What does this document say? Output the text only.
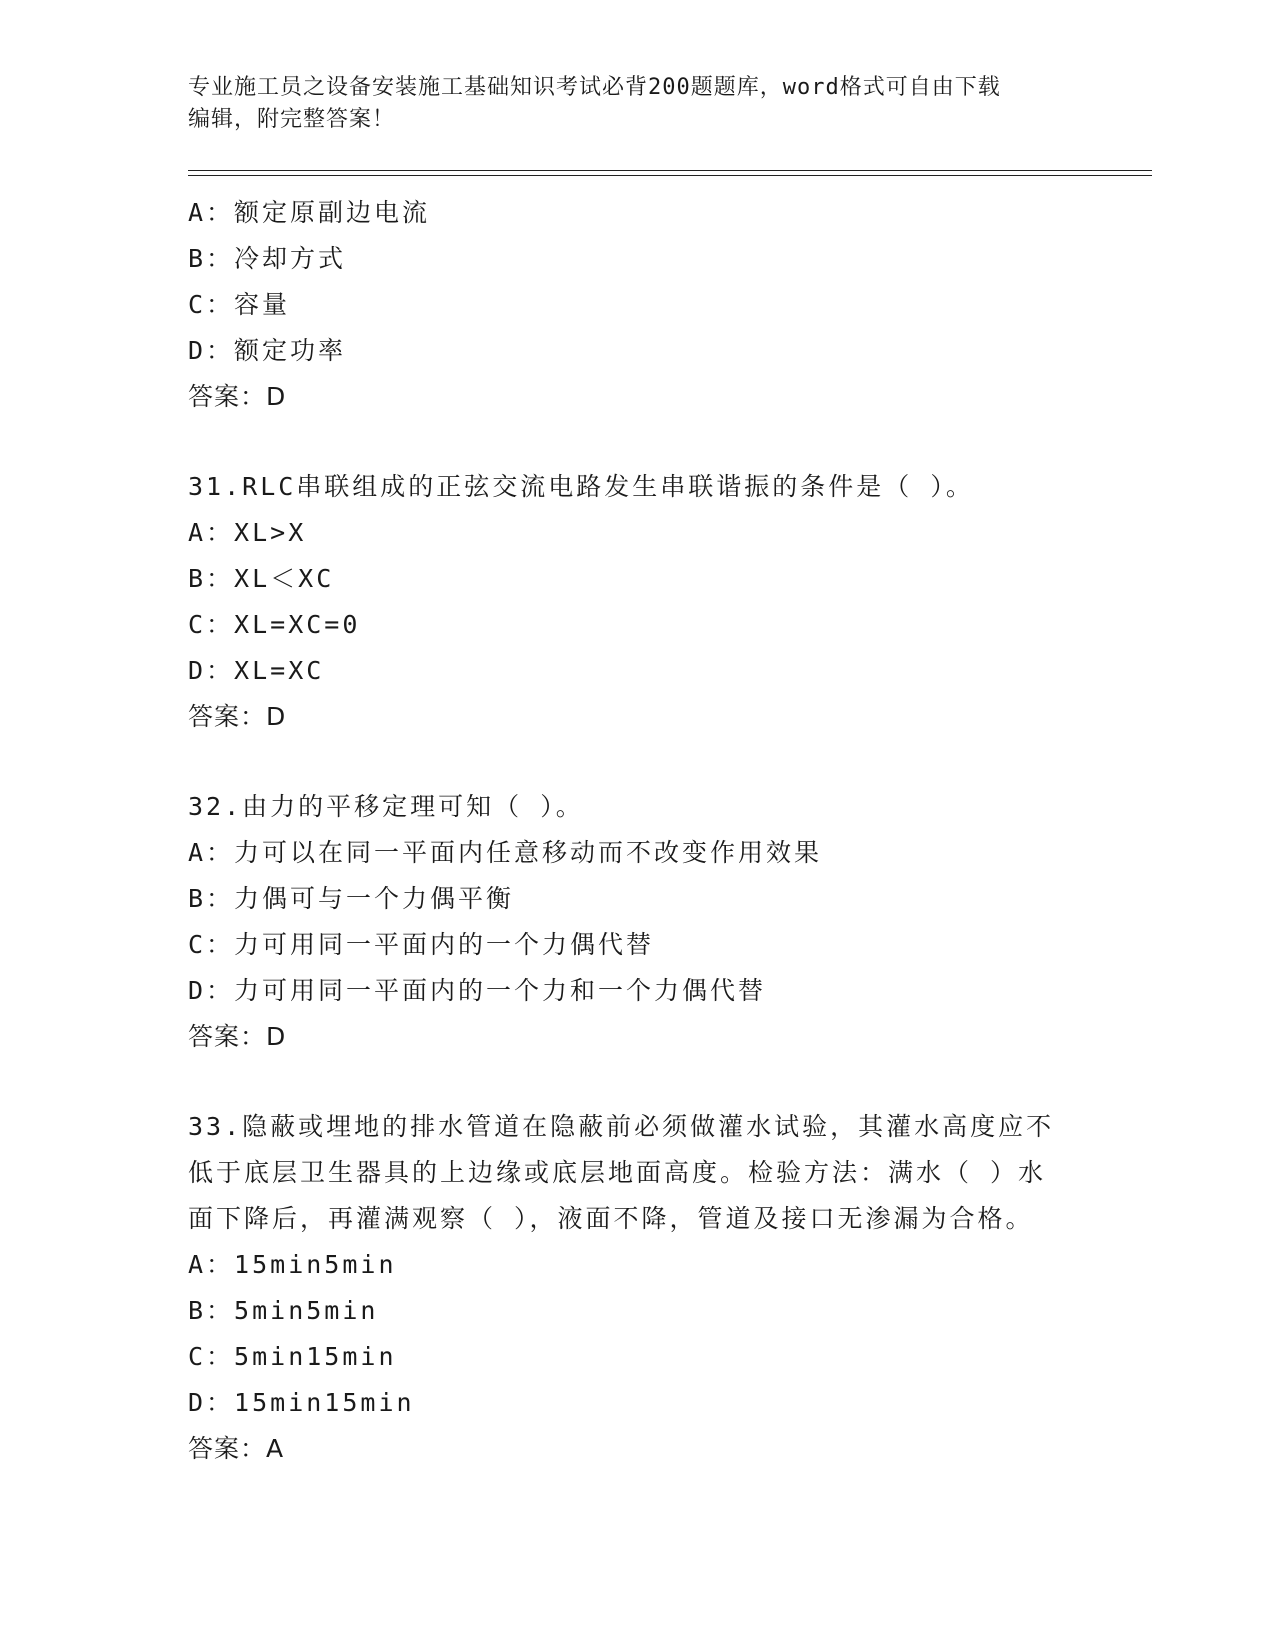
专业施工员之设备安装施工基础知识考试必背200题题库，word格式可自由下载
编辑，附完整答案！
A：额定原副边电流
B：冷却方式
C：容量
D：额定功率
答案：D
31.RLC串联组成的正弦交流电路发生串联谐振的条件是（ ）。
A：XL>X
B：XL＜XC
C：XL=XC=0
D：XL=XC
答案：D
32.由力的平移定理可知（ ）。
A：力可以在同一平面内任意移动而不改变作用效果
B：力偶可与一个力偶平衡
C：力可用同一平面内的一个力偶代替
D：力可用同一平面内的一个力和一个力偶代替
答案：D
33.隐蔽或埋地的排水管道在隐蔽前必须做灌水试验，其灌水高度应不
低于底层卫生器具的上边缘或底层地面高度。检验方法：满水（ ）水
面下降后，再灌满观察（ ），液面不降，管道及接口无渗漏为合格。
A：15min5min
B：5min5min
C：5min15min
D：15min15min
答案：A
